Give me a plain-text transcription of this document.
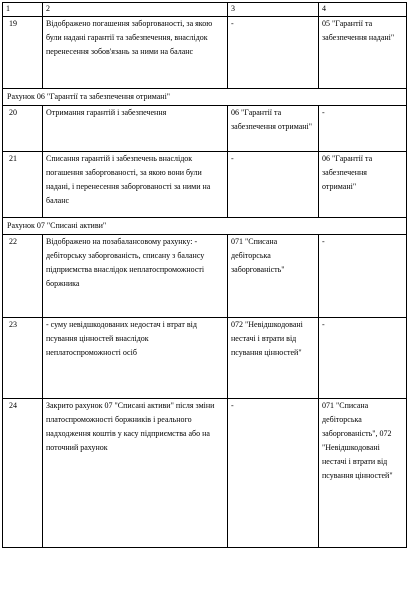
1	2	3	4
19	Відображено погашення заборгованості, за якою були надані гарантії та забезпечення, внаслідок перенесення зобов'язань за ними на баланс	-	05 "Гарантії та забезпечення надані"
Рахунок 06 "Гарантії та забезпечення отримані"			
20	Отримання гарантій і забезпечення	06 "Гарантії та забезпечення отримані"	-
21	Списання гарантій і забезпечень внаслідок погашення заборгованості, за якою вони були надані, і перенесення заборгованості за ними на баланс	-	06 "Гарантії та забезпечення отримані"
Рахунок 07 "Списані активи"			
22	Відображено на позабалансовому рахунку: - дебіторську заборгованість, списану з балансу підприємства внаслідок неплатоспроможності боржника	071 "Списана дебіторська заборгованість"	-
23	- суму невідшкодованих недостач і втрат від псування цінностей внаслідок неплатоспроможності осіб	072 "Невідшкодовані нестачі і втрати від псування цінностей"	-
24	Закрито рахунок 07 "Списані активи" після зміни платоспроможності боржників і реального надходження коштів у касу підприємства або на поточний рахунок	-	071 "Списана дебіторська заборгованість", 072 "Невідшкодовані нестачі і втрати від псування цінностей"
